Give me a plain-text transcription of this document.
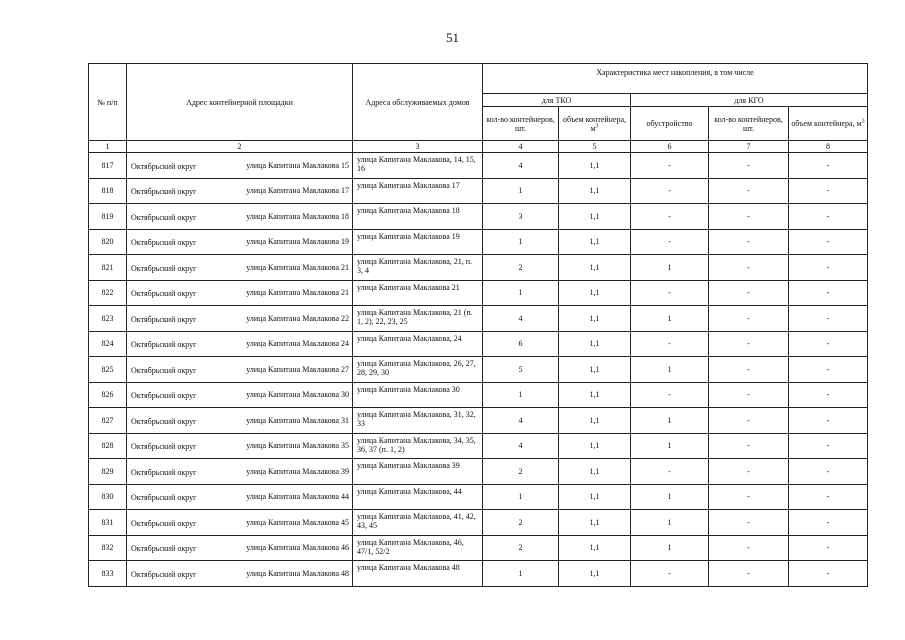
51
№ п/п	Адрес контейнерной площадки	Адреса обслуживаемых домов	Характеристика мест накопления, в том числе				
			для ТКО		для КГО		
			кол-во контейнеров, шт.	объем контейнера, $м^3$	обустройство	кол-во контейнеров, шт.	объем контейнера, $м^3$
1	2	3	4	5	6	7	8
817	Октябрьский округ улица Капитана Маклакова 15	улица Капитана Маклакова, 14, 15, 16	4	1,1	-	-	-
818	Октябрьский округ улица Капитана Маклакова 17	улица Капитана Маклакова 17	1	1,1	-	-	-
819	Октябрьский округ улица Капитана Маклакова 18	улица Капитана Маклакова 18	3	1,1	-	-	-
820	Октябрьский округ улица Капитана Маклакова 19	улица Капитана Маклакова 19	1	1,1	-	-	-
821	Октябрьский округ улица Капитана Маклакова 21	улица Капитана Маклакова, 21, п. 3, 4	2	1,1	1	-	-
822	Октябрьский округ улица Капитана Маклакова 21	улица Капитана Маклакова 21	1	1,1	-	-	-
823	Октябрьский округ улица Капитана Маклакова 22	улица Капитана Маклакова, 21 (п. 1, 2), 22, 23, 25	4	1,1	1	-	-
824	Октябрьский округ улица Капитана Маклакова 24	улица Капитана Маклакова, 24	6	1,1	-	-	-
825	Октябрьский округ улица Капитана Маклакова 27	улица Капитана Маклакова, 26, 27, 28, 29, 30	5	1,1	1	-	-
826	Октябрьский округ улица Капитана Маклакова 30	улица Капитана Маклакова 30	1	1,1	-	-	-
827	Октябрьский округ улица Капитана Маклакова 31	улица Капитана Маклакова, 31, 32, 33	4	1,1	1	-	-
828	Октябрьский округ улица Капитана Маклакова 35	улица Капитана Маклакова, 34, 35, 36, 37 (п. 1, 2)	4	1,1	1	-	-
829	Октябрьский округ улица Капитана Маклакова 39	улица Капитана Маклакова 39	2	1,1	-	-	-
830	Октябрьский округ улица Капитана Маклакова 44	улица Капитана Маклакова, 44	1	1,1	1	-	-
831	Октябрьский округ улица Капитана Маклакова 45	улица Капитана Маклакова, 41, 42, 43, 45	2	1,1	1	-	-
832	Октябрьский округ улица Капитана Маклакова 46	улица Капитана Маклакова, 46, 47/1, 52/2	2	1,1	1	-	-
833	Октябрьский округ улица Капитана Маклакова 48	улица Капитана Маклакова 48	1	1,1	-	-	-
